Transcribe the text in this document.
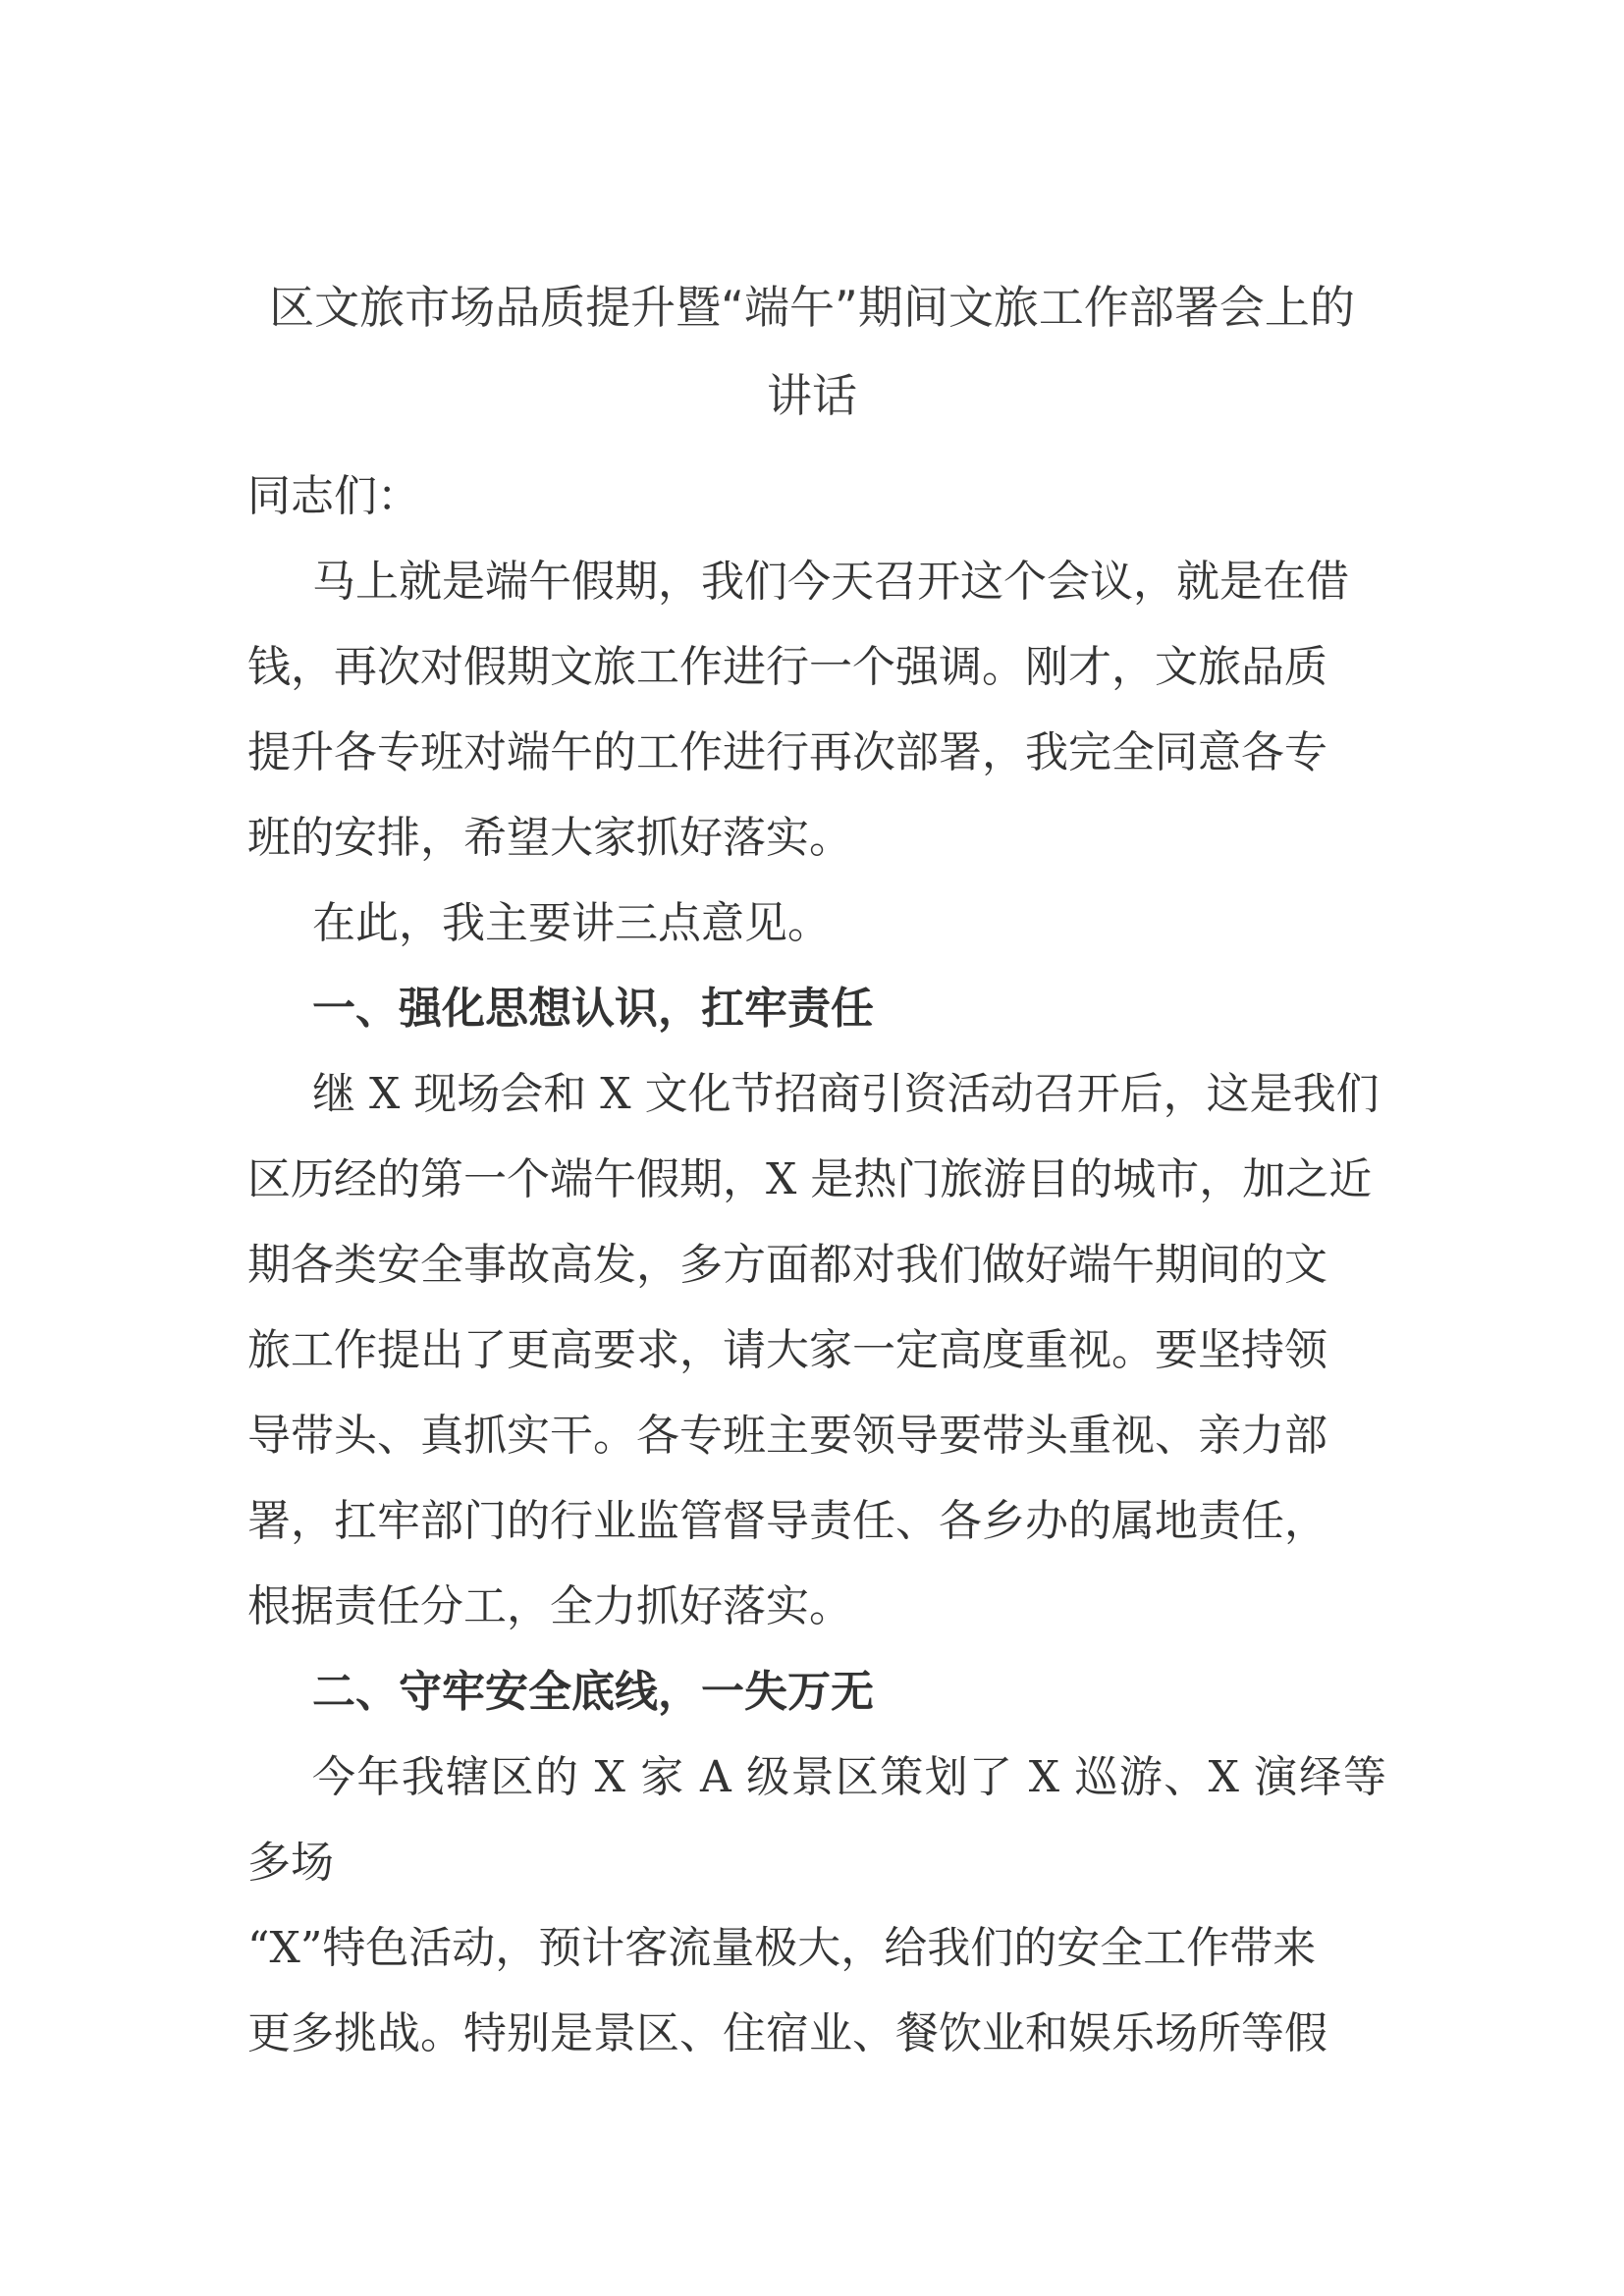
区文旅市场品质提升暨“端午”期间文旅工作部署会上的
讲话

同志们：

马上就是端午假期，我们今天召开这个会议，就是在借
钱，再次对假期文旅工作进行一个强调。刚才，文旅品质
提升各专班对端午的工作进行再次部署，我完全同意各专
班的安排，希望大家抓好落实。

在此，我主要讲三点意见。

一、强化思想认识，扛牢责任

继 X 现场会和 X 文化节招商引资活动召开后，这是我们
区历经的第一个端午假期，X 是热门旅游目的城市，加之近
期各类安全事故高发，多方面都对我们做好端午期间的文
旅工作提出了更高要求，请大家一定高度重视。要坚持领
导带头、真抓实干。各专班主要领导要带头重视、亲力部
署，扛牢部门的行业监管督导责任、各乡办的属地责任，
根据责任分工，全力抓好落实。

二、守牢安全底线，一失万无

今年我辖区的 X 家 A 级景区策划了 X 巡游、X 演绎等多场
“X”特色活动，预计客流量极大，给我们的安全工作带来
更多挑战。特别是景区、住宿业、餐饮业和娱乐场所等假
